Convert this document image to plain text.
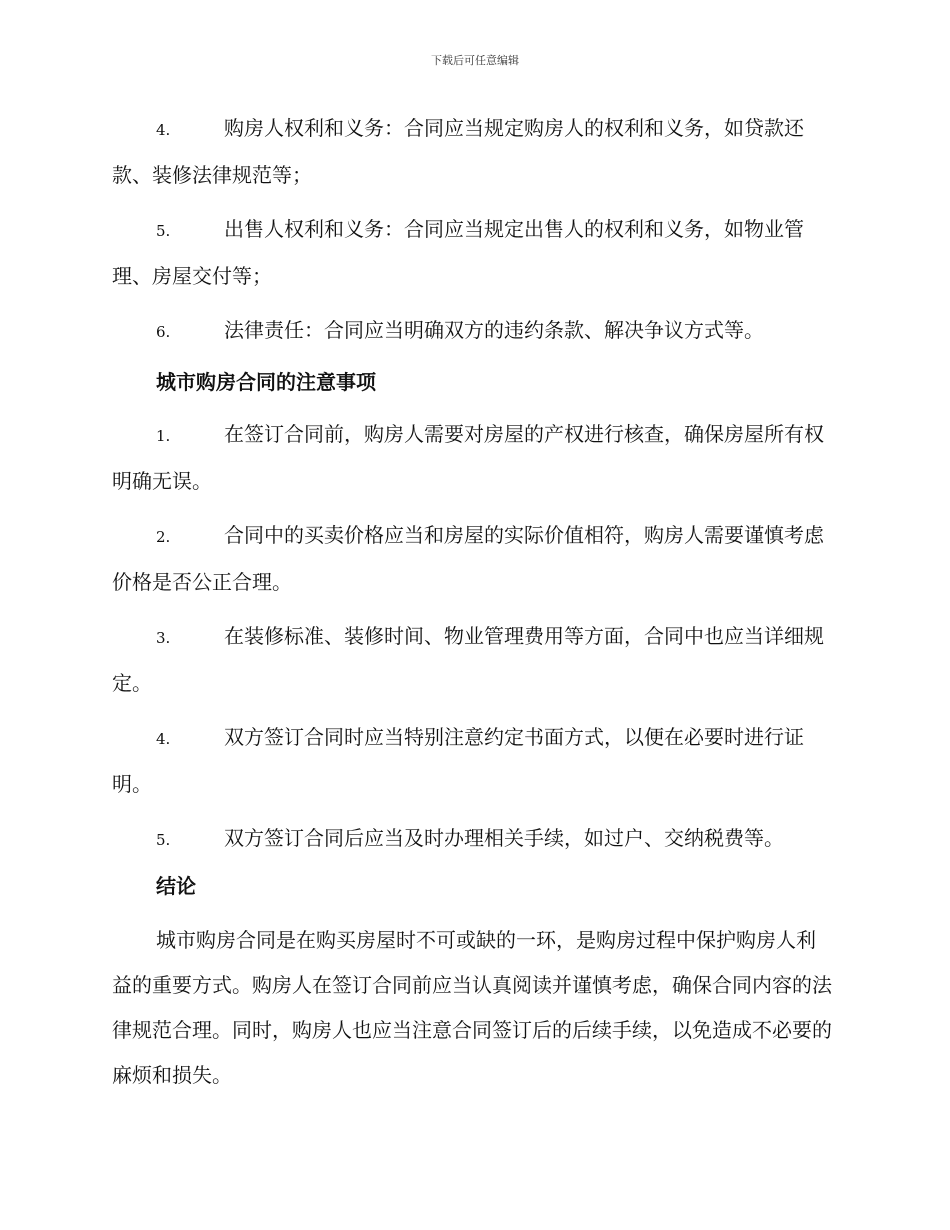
下载后可任意编辑
4.	购房人权利和义务：合同应当规定购房人的权利和义务，如贷款还款、装修法律规范等；
5.	出售人权利和义务：合同应当规定出售人的权利和义务，如物业管理、房屋交付等；
6.	法律责任：合同应当明确双方的违约条款、解决争议方式等。
城市购房合同的注意事项
1.	在签订合同前，购房人需要对房屋的产权进行核查，确保房屋所有权明确无误。
2.	合同中的买卖价格应当和房屋的实际价值相符，购房人需要谨慎考虑价格是否公正合理。
3.	在装修标准、装修时间、物业管理费用等方面，合同中也应当详细规定。
4.	双方签订合同时应当特别注意约定书面方式，以便在必要时进行证明。
5.	双方签订合同后应当及时办理相关手续，如过户、交纳税费等。
结论
城市购房合同是在购买房屋时不可或缺的一环，是购房过程中保护购房人利益的重要方式。购房人在签订合同前应当认真阅读并谨慎考虑，确保合同内容的法律规范合理。同时，购房人也应当注意合同签订后的后续手续，以免造成不必要的麻烦和损失。
